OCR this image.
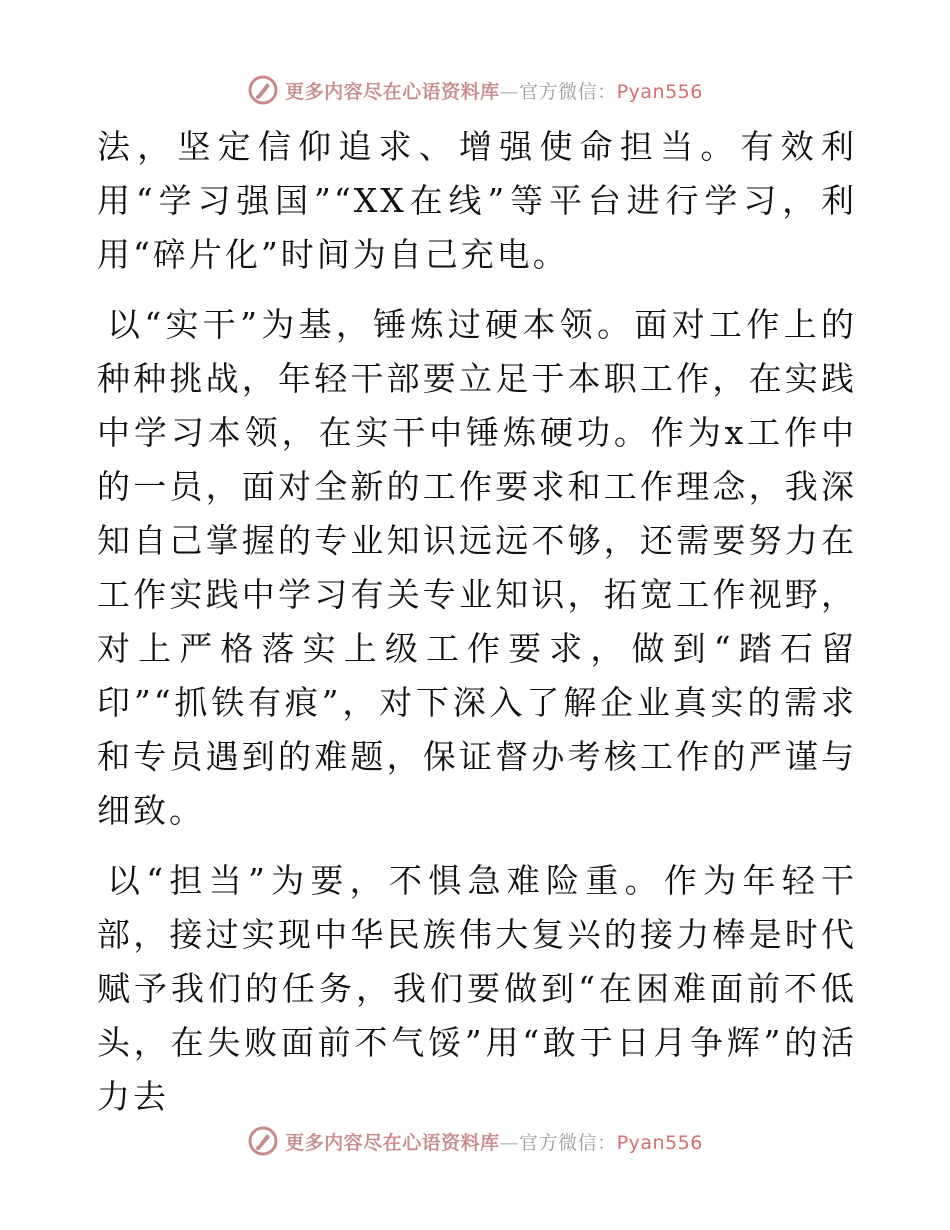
更多内容尽在心语资料库—官方微信：Pyan556

法，坚定信仰追求、增强使命担当。有效利用“学习强国”“XX在线”等平台进行学习，利用“碎片化”时间为自己充电。

以“实干”为基，锤炼过硬本领。面对工作上的种种挑战，年轻干部要立足于本职工作，在实践中学习本领，在实干中锤炼硬功。作为x工作中的一员，面对全新的工作要求和工作理念，我深知自己掌握的专业知识远远不够，还需要努力在工作实践中学习有关专业知识，拓宽工作视野，对上严格落实上级工作要求，做到“踏石留印”“抓铁有痕”，对下深入了解企业真实的需求和专员遇到的难题，保证督办考核工作的严谨与细致。

以“担当”为要，不惧急难险重。作为年轻干部，接过实现中华民族伟大复兴的接力棒是时代赋予我们的任务，我们要做到“在困难面前不低头，在失败面前不气馁”用“敢于日月争辉”的活力去

更多内容尽在心语资料库—官方微信：Pyan556
